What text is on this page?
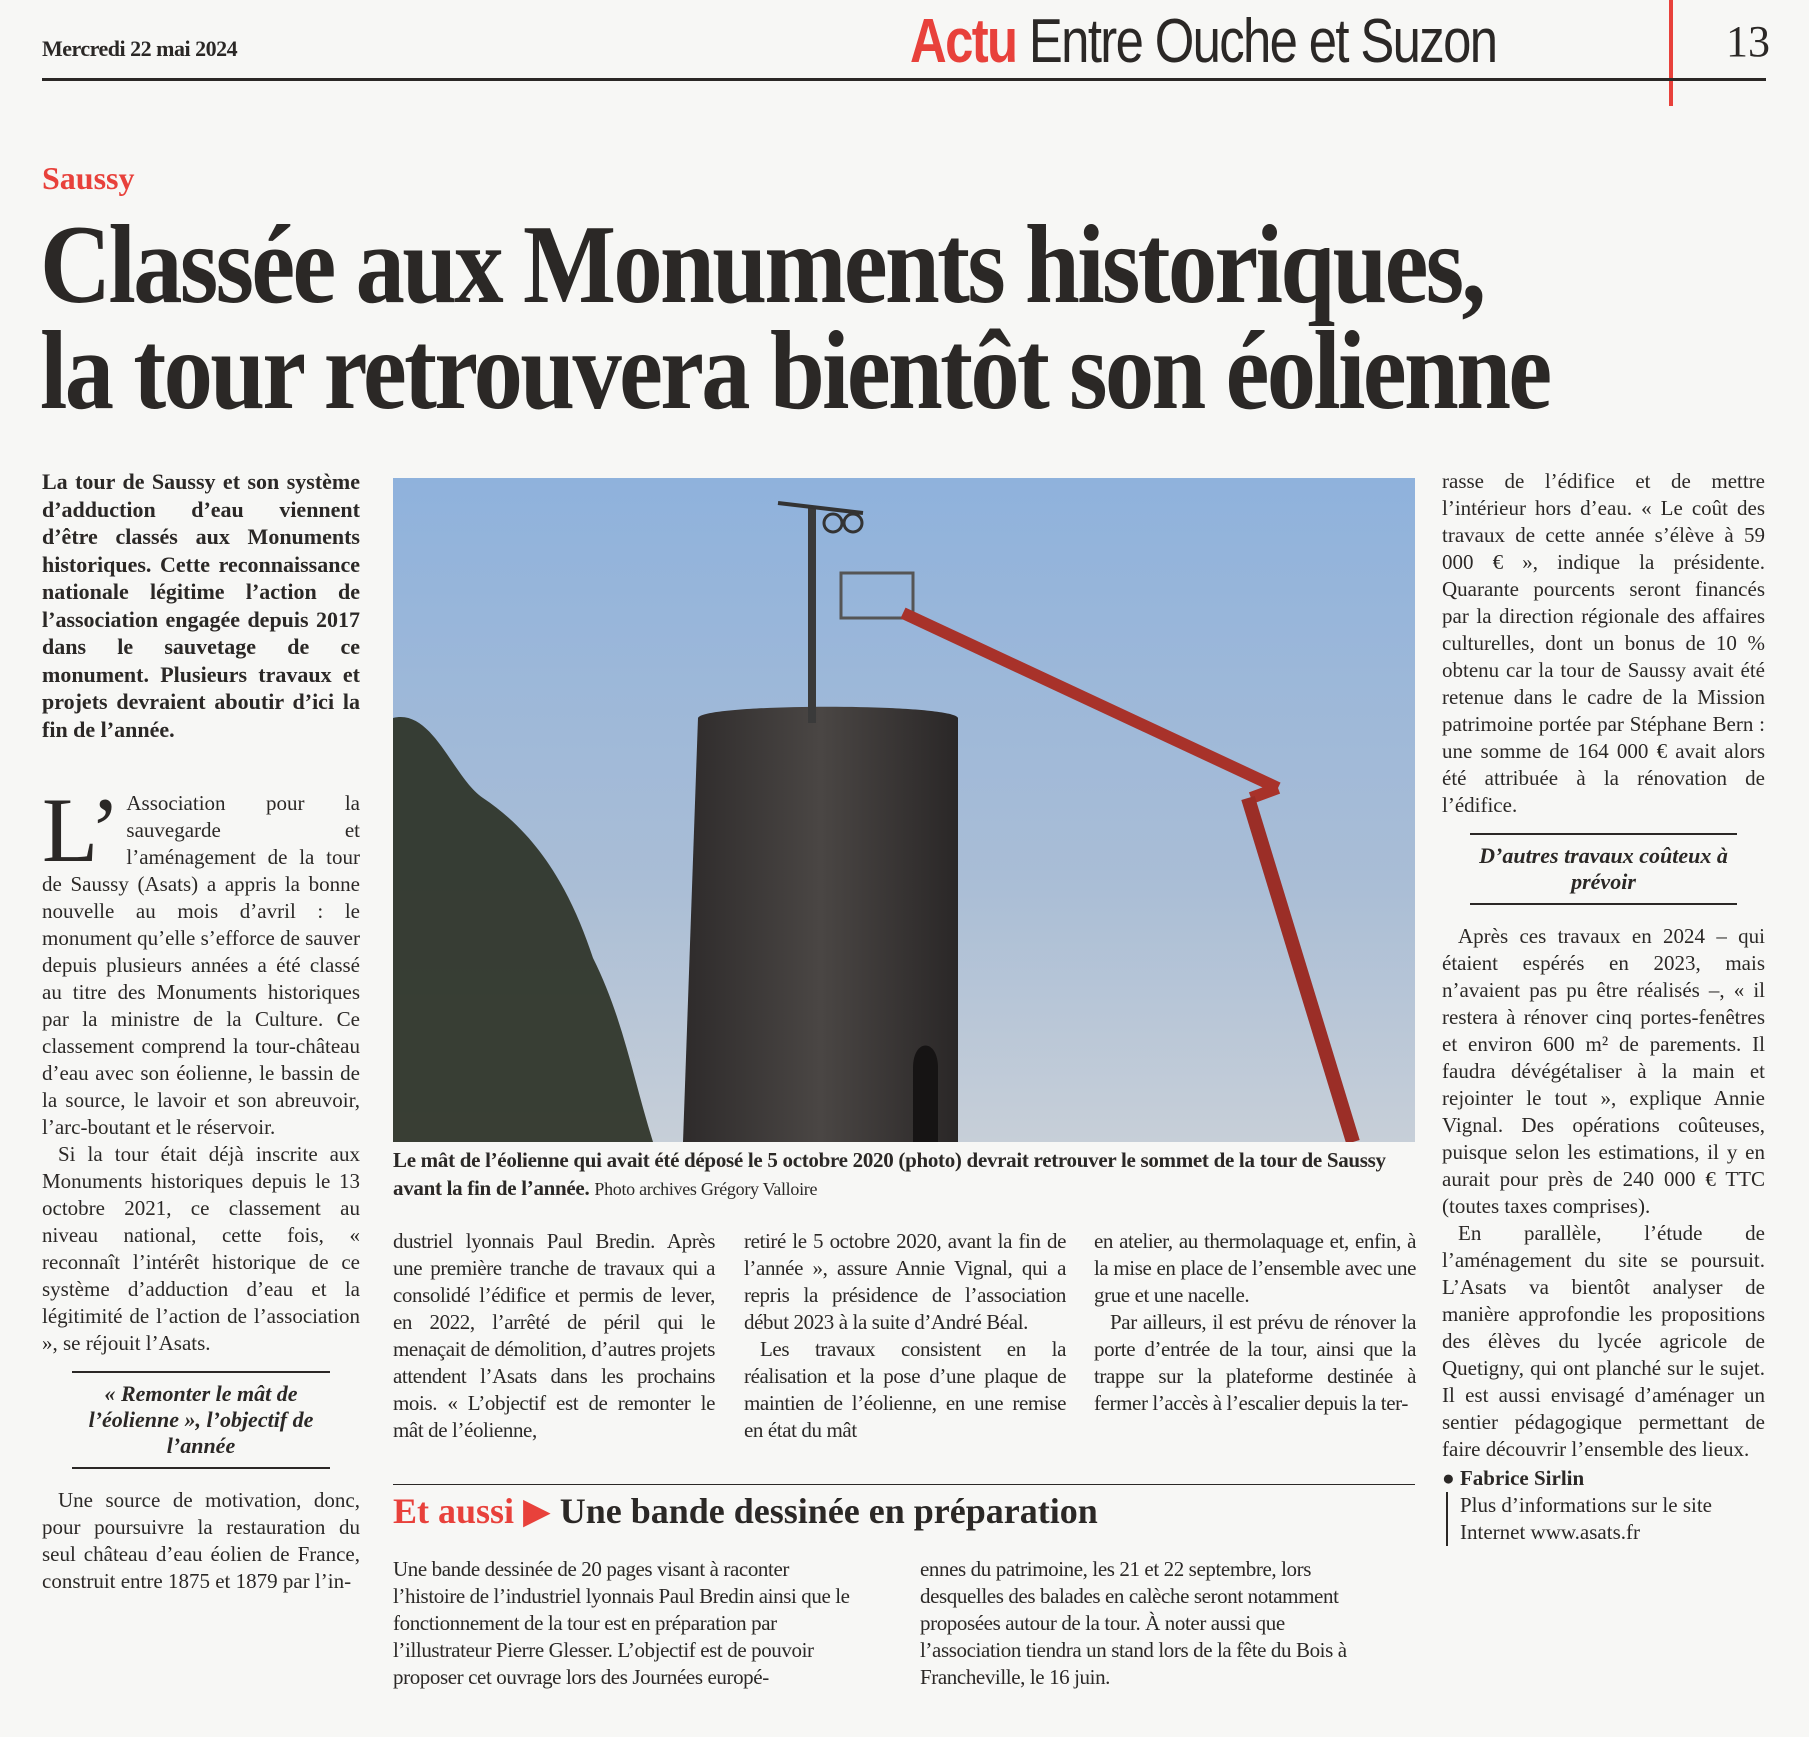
Mercredi 22 mai 2024	Actu Entre Ouche et Suzon	13
Saussy
Classée aux Monuments historiques,
la tour retrouvera bientôt son éolienne
La tour de Saussy et son système d’adduction d’eau viennent d’être classés aux Monuments historiques. Cette reconnaissance nationale légitime l’action de l’association engagée depuis 2017 dans le sauvetage de ce monument. Plusieurs travaux et projets devraient aboutir d’ici la fin de l’année.

L’ Association pour la sauvegarde et l’aménagement de la tour de Saussy (Asats) a appris la bonne nouvelle au mois d’avril : le monument qu’elle s’efforce de sauver depuis plusieurs années a été classé au titre des Monuments historiques par la ministre de la Culture. Ce classement comprend la tour-château d’eau avec son éolienne, le bassin de la source, le lavoir et son abreuvoir, l’arc-boutant et le réservoir.

Si la tour était déjà inscrite aux Monuments historiques depuis le 13 octobre 2021, ce classement au niveau national, cette fois, « reconnaît l’intérêt historique de ce système d’adduction d’eau et la légitimité de l’action de l’association », se réjouit l’Asats.

« Remonter le mât de l’éolienne », l’objectif de l’année

Une source de motivation, donc, pour poursuivre la restauration du seul château d’eau éolien de France, construit entre 1875 et 1879 par l’in-

Le mât de l’éolienne qui avait été déposé le 5 octobre 2020 (photo) devrait retrouver le sommet de la tour de Saussy avant la fin de l’année. Photo archives Grégory Valloire

dustriel lyonnais Paul Bredin. Après une première tranche de travaux qui a consolidé l’édifice et permis de lever, en 2022, l’arrêté de péril qui le menaçait de démolition, d’autres projets attendent l’Asats dans les prochains mois. « L’objectif est de remonter le mât de l’éolienne,

retiré le 5 octobre 2020, avant la fin de l’année », assure Annie Vignal, qui a repris la présidence de l’association début 2023 à la suite d’André Béal.

Les travaux consistent en la réalisation et la pose d’une plaque de maintien de l’éolienne, en une remise en état du mât

en atelier, au thermolaquage et, enfin, à la mise en place de l’ensemble avec une grue et une nacelle.

Par ailleurs, il est prévu de rénover la porte d’entrée de la tour, ainsi que la trappe sur la plateforme destinée à fermer l’accès à l’escalier depuis la ter-

rasse de l’édifice et de mettre l’intérieur hors d’eau. « Le coût des travaux de cette année s’élève à 59 000 € », indique la présidente. Quarante pourcents seront financés par la direction régionale des affaires culturelles, dont un bonus de 10 % obtenu car la tour de Saussy avait été retenue dans le cadre de la Mission patrimoine portée par Stéphane Bern : une somme de 164 000 € avait alors été attribuée à la rénovation de l’édifice.

D’autres travaux coûteux à prévoir

Après ces travaux en 2024 – qui étaient espérés en 2023, mais n’avaient pas pu être réalisés –, « il restera à rénover cinq portes-fenêtres et environ 600 m² de parements. Il faudra dévégétaliser à la main et rejointer le tout », explique Annie Vignal. Des opérations coûteuses, puisque selon les estimations, il y en aurait pour près de 240 000 € TTC (toutes taxes comprises).

En parallèle, l’étude de l’aménagement du site se poursuit. L’Asats va bientôt analyser de manière approfondie les propositions des élèves du lycée agricole de Quetigny, qui ont planché sur le sujet. Il est aussi envisagé d’aménager un sentier pédagogique permettant de faire découvrir l’ensemble des lieux.

● Fabrice Sirlin
Plus d’informations sur le site Internet www.asats.fr
Et aussi ▶ Une bande dessinée en préparation

Une bande dessinée de 20 pages visant à raconter l’histoire de l’industriel lyonnais Paul Bredin ainsi que le fonctionnement de la tour est en préparation par l’illustrateur Pierre Glesser. L’objectif est de pouvoir proposer cet ouvrage lors des Journées europé-

ennes du patrimoine, les 21 et 22 septembre, lors desquelles des balades en calèche seront notamment proposées autour de la tour. À noter aussi que l’association tiendra un stand lors de la fête du Bois à Francheville, le 16 juin.
